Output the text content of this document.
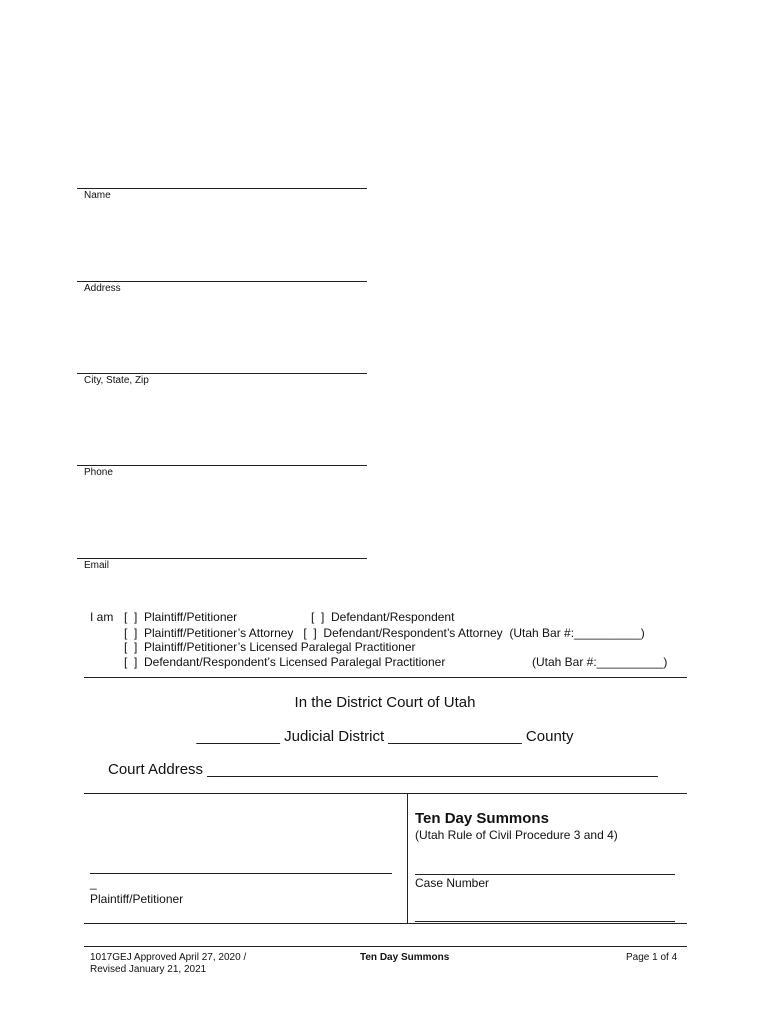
Name
Address
City, State, Zip
Phone
Email
I am [  ]  Plaintiff/Petitioner	[  ]  Defendant/Respondent
[  ]  Plaintiff/Petitioner’s Attorney   [  ]  Defendant/Respondent’s Attorney  (Utah Bar #:__________)
[  ]  Plaintiff/Petitioner’s Licensed Paralegal Practitioner
[  ]  Defendant/Respondent’s Licensed Paralegal Practitioner	(Utah Bar #:__________)
In the District Court of Utah
__________ Judicial District ________________ County
Court Address ______________________________________________________
Ten Day Summons
(Utah Rule of Civil Procedure 3 and 4)
_
Plaintiff/Petitioner
Case Number
1017GEJ Approved April 27, 2020 /
Revised January 21, 2021
Ten Day Summons	Page 1 of 4
